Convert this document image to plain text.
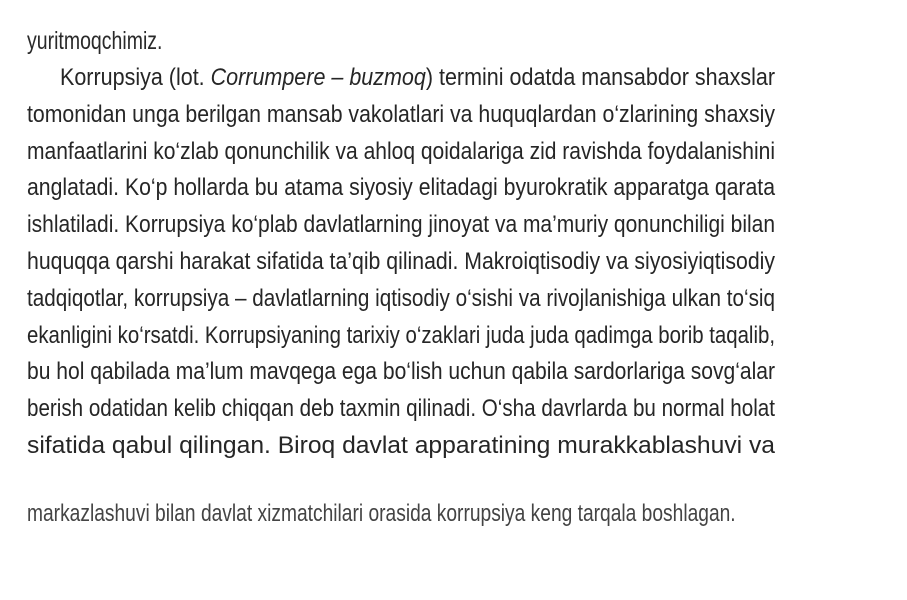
yuritmoqchimiz.
Korrupsiya (lot. Corrumpere – buzmoq) termini odatda mansabdor shaxslar
tomonidan unga berilgan mansab vakolatlari va huquqlardan o‘zlarining shaxsiy
manfaatlarini ko‘zlab qonunchilik va ahloq qoidalariga zid ravishda foydalanishini
anglatadi. Ko‘p hollarda bu atama siyosiy elitadagi byurokratik apparatga qarata
ishlatiladi. Korrupsiya ko‘plab davlatlarning jinoyat va ma’muriy qonunchiligi bilan
huquqqa qarshi harakat sifatida ta’qib qilinadi. Makroiqtisodiy va siyosiyiqtisodiy
tadqiqotlar, korrupsiya – davlatlarning iqtisodiy o‘sishi va rivojlanishiga ulkan to‘siq
ekanligini ko‘rsatdi. Korrupsiyaning tarixiy o‘zaklari juda juda qadimga borib taqalib,
bu hol qabilada ma’lum mavqega ega bo‘lish uchun qabila sardorlariga sovg‘alar
berish odatidan kelib chiqqan deb taxmin qilinadi. O‘sha davrlarda bu normal holat
sifatida qabul qilingan. Biroq davlat apparatining murakkablashuvi va
markazlashuvi bilan davlat xizmatchilari orasida korrupsiya keng tarqala boshlagan.
